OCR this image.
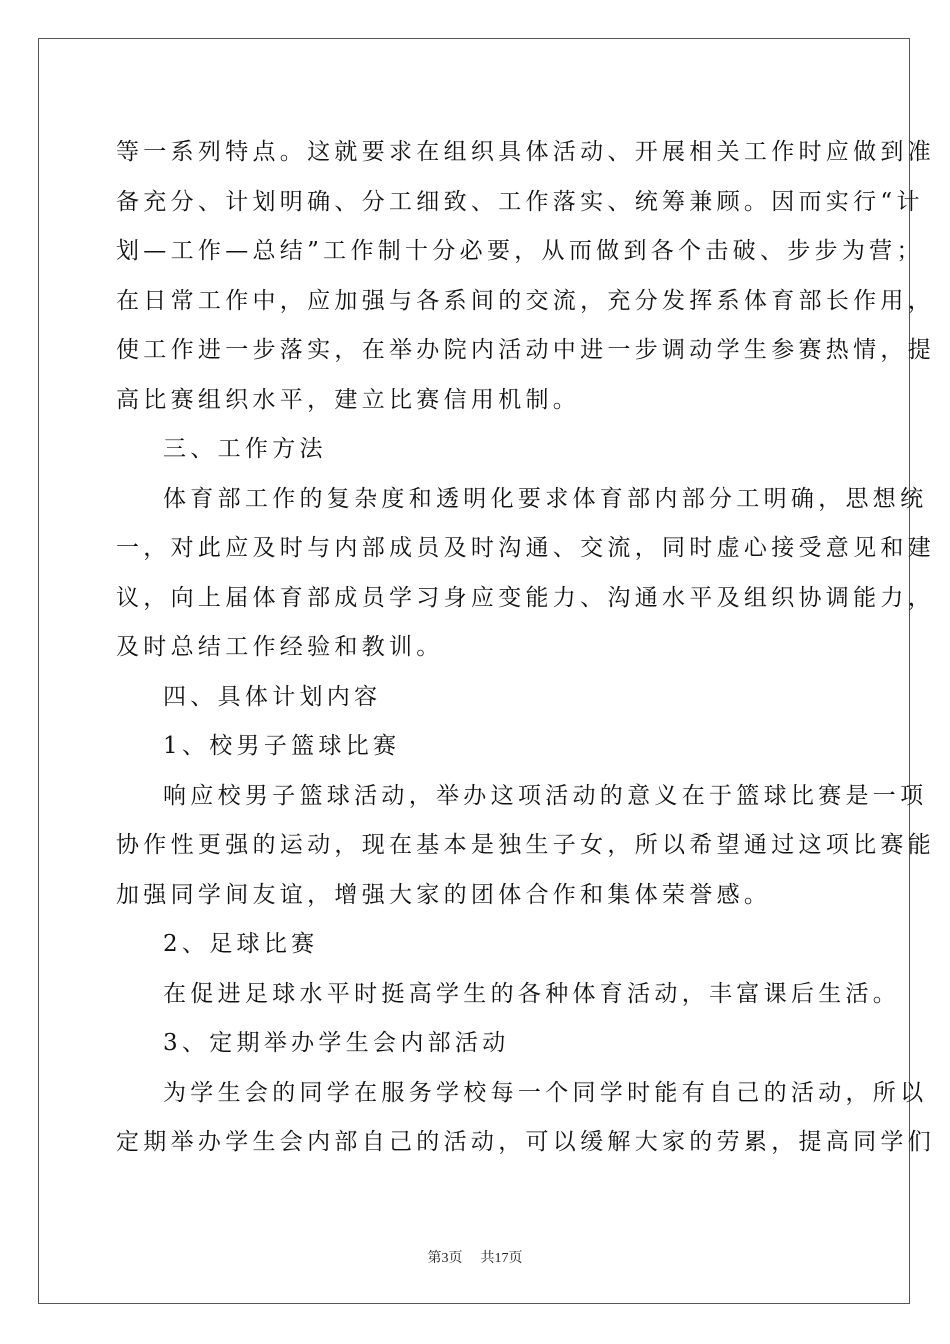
等一系列特点。这就要求在组织具体活动、开展相关工作时应做到准
备充分、计划明确、分工细致、工作落实、统筹兼顾。因而实行“计
划—工作—总结”工作制十分必要，从而做到各个击破、步步为营；
在日常工作中，应加强与各系间的交流，充分发挥系体育部长作用，
使工作进一步落实，在举办院内活动中进一步调动学生参赛热情，提
高比赛组织水平，建立比赛信用机制。
三、工作方法
体育部工作的复杂度和透明化要求体育部内部分工明确，思想统
一，对此应及时与内部成员及时沟通、交流，同时虚心接受意见和建
议，向上届体育部成员学习身应变能力、沟通水平及组织协调能力，
及时总结工作经验和教训。
四、具体计划内容
1、校男子篮球比赛
响应校男子篮球活动，举办这项活动的意义在于篮球比赛是一项
协作性更强的运动，现在基本是独生子女，所以希望通过这项比赛能
加强同学间友谊，增强大家的团体合作和集体荣誉感。
2、足球比赛
在促进足球水平时挺高学生的各种体育活动，丰富课后生活。
3、定期举办学生会内部活动
为学生会的同学在服务学校每一个同学时能有自己的活动，所以
定期举办学生会内部自己的活动，可以缓解大家的劳累，提高同学们
第3页 共17页
